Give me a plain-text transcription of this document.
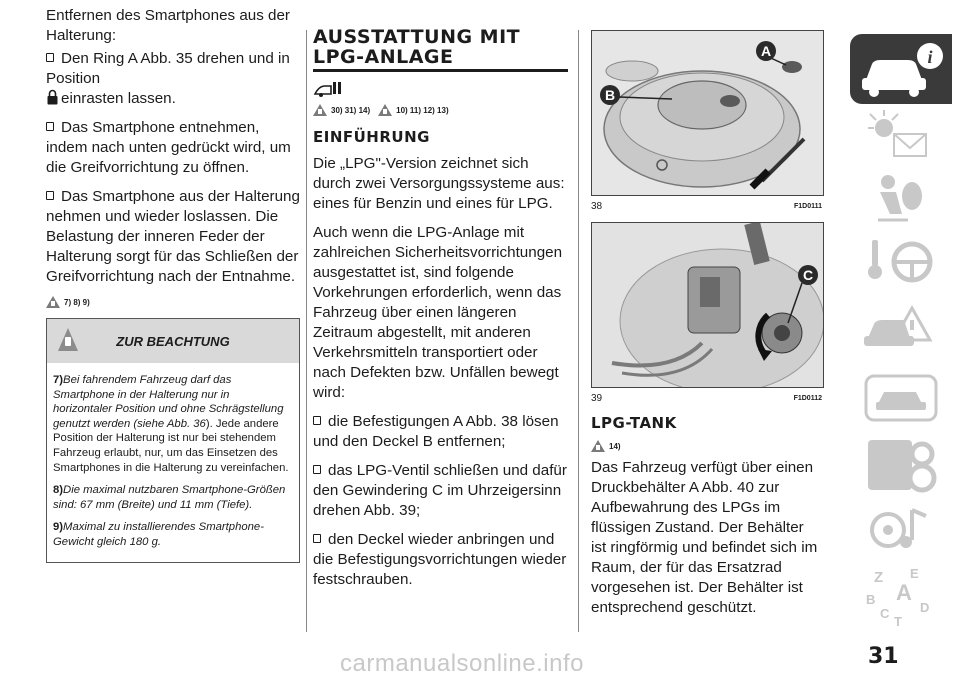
Entfernen des Smartphones aus der Halterung:

Den Ring A Abb. 35 drehen und in Position

einrasten lassen.

Das Smartphone entnehmen, indem nach unten gedrückt wird, um die Greifvorrichtung zu öffnen.

Das Smartphone aus der Halterung nehmen und wieder loslassen. Die Belastung der inneren Feder der Halterung sorgt für das Schließen der Greifvorrichtung nach der Entnahme.

7) 8) 9)
ZUR BEACHTUNG

7)Bei fahrendem Fahrzeug darf das Smartphone in der Halterung nur in horizontaler Position und ohne Schrägstellung genutzt werden (siehe Abb. 36). Jede andere Position der Halterung ist nur bei stehendem Fahrzeug erlaubt, nur, um das Einsetzen des Smartphones in die Halterung zu vereinfachen.

8)Die maximal nutzbaren Smartphone-Größen sind: 67 mm (Breite) und 11 mm (Tiefe).

9)Maximal zu installierendes Smartphone-Gewicht gleich 180 g.

AUSSTATTUNG MIT LPG-ANLAGE
30) 31) 14)	10) 11) 12) 13)
EINFÜHRUNG

Die „LPG"-Version zeichnet sich durch zwei Versorgungssysteme aus: eines für Benzin und eines für LPG.

Auch wenn die LPG-Anlage mit zahlreichen Sicherheitsvorrichtungen ausgestattet ist, sind folgende Vorkehrungen erforderlich, wenn das Fahrzeug über einen längeren Zeitraum abgestellt, mit anderen Verkehrsmitteln transportiert oder nach Defekten bzw. Unfällen bewegt wird:

die Befestigungen A Abb. 38 lösen und den Deckel B entfernen;

das LPG-Ventil schließen und dafür den Gewindering C im Uhrzeigersinn drehen Abb. 39;

den Deckel wieder anbringen und die Befestigungsvorrichtungen wieder festschrauben.

A
B
38	F1D0111
C
39	F1D0112
LPG-TANK
14)

Das Fahrzeug verfügt über einen Druckbehälter A Abb. 40 zur Aufbewahrung des LPGs im flüssigen Zustand. Der Behälter ist ringförmig und befindet sich im Raum, der für das Ersatzrad vorgesehen ist. Der Behälter ist entsprechend geschützt.

i
Z E
A
B
C D
T
31
carmanualsonline.info
